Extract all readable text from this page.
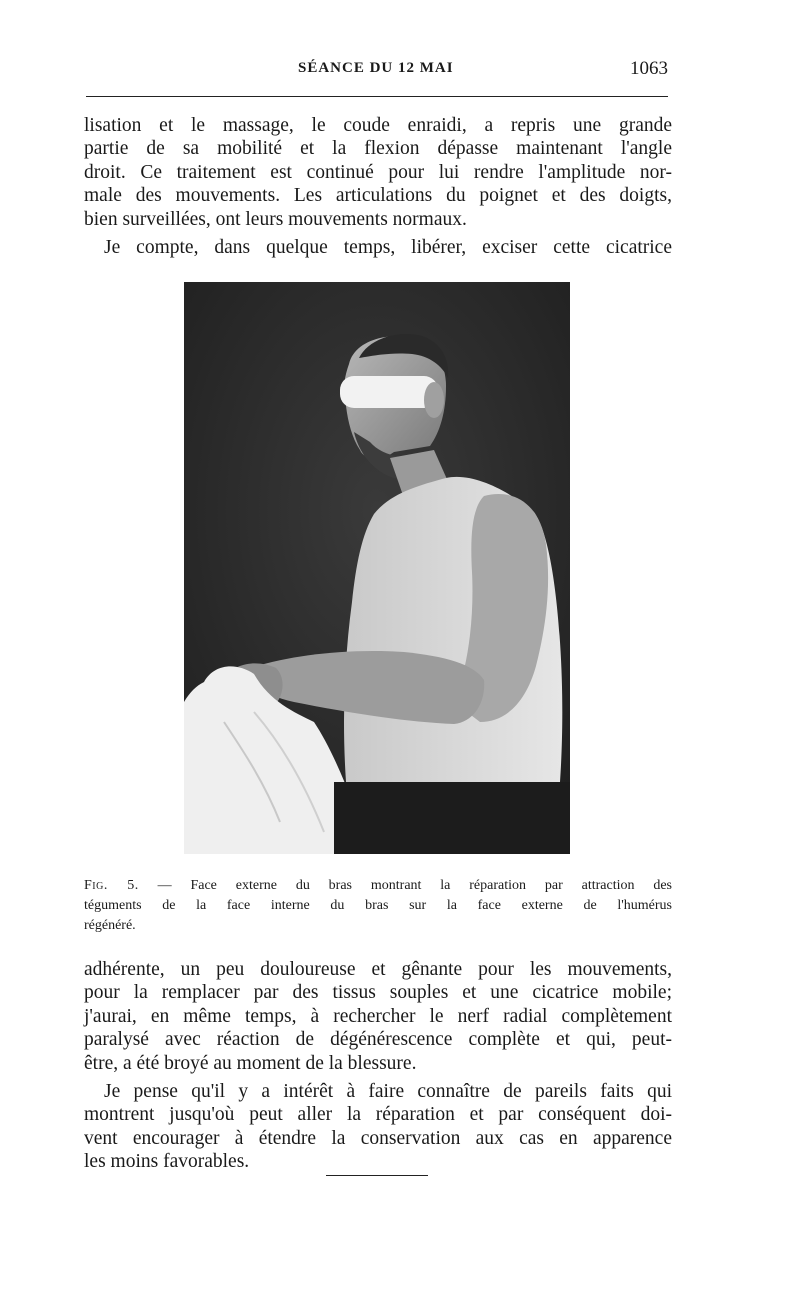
SÉANCE DU 12 MAI	1063

lisation et le massage, le coude enraidi, a repris une grande
partie de sa mobilité et la flexion dépasse maintenant l'angle
droit. Ce traitement est continué pour lui rendre l'amplitude nor-
male des mouvements. Les articulations du poignet et des doigts,
bien surveillées, ont leurs mouvements normaux.

Je compte, dans quelque temps, libérer, exciser cette cicatrice

Fig. 5. — Face externe du bras montrant la réparation par attraction des
téguments de la face interne du bras sur la face externe de l'humérus
régénéré.

adhérente, un peu douloureuse et gênante pour les mouvements,
pour la remplacer par des tissus souples et une cicatrice mobile;
j'aurai, en même temps, à rechercher le nerf radial complètement
paralysé avec réaction de dégénérescence complète et qui, peut-
être, a été broyé au moment de la blessure.

Je pense qu'il y a intérêt à faire connaître de pareils faits qui
montrent jusqu'où peut aller la réparation et par conséquent doi-
vent encourager à étendre la conservation aux cas en apparence
les moins favorables.
